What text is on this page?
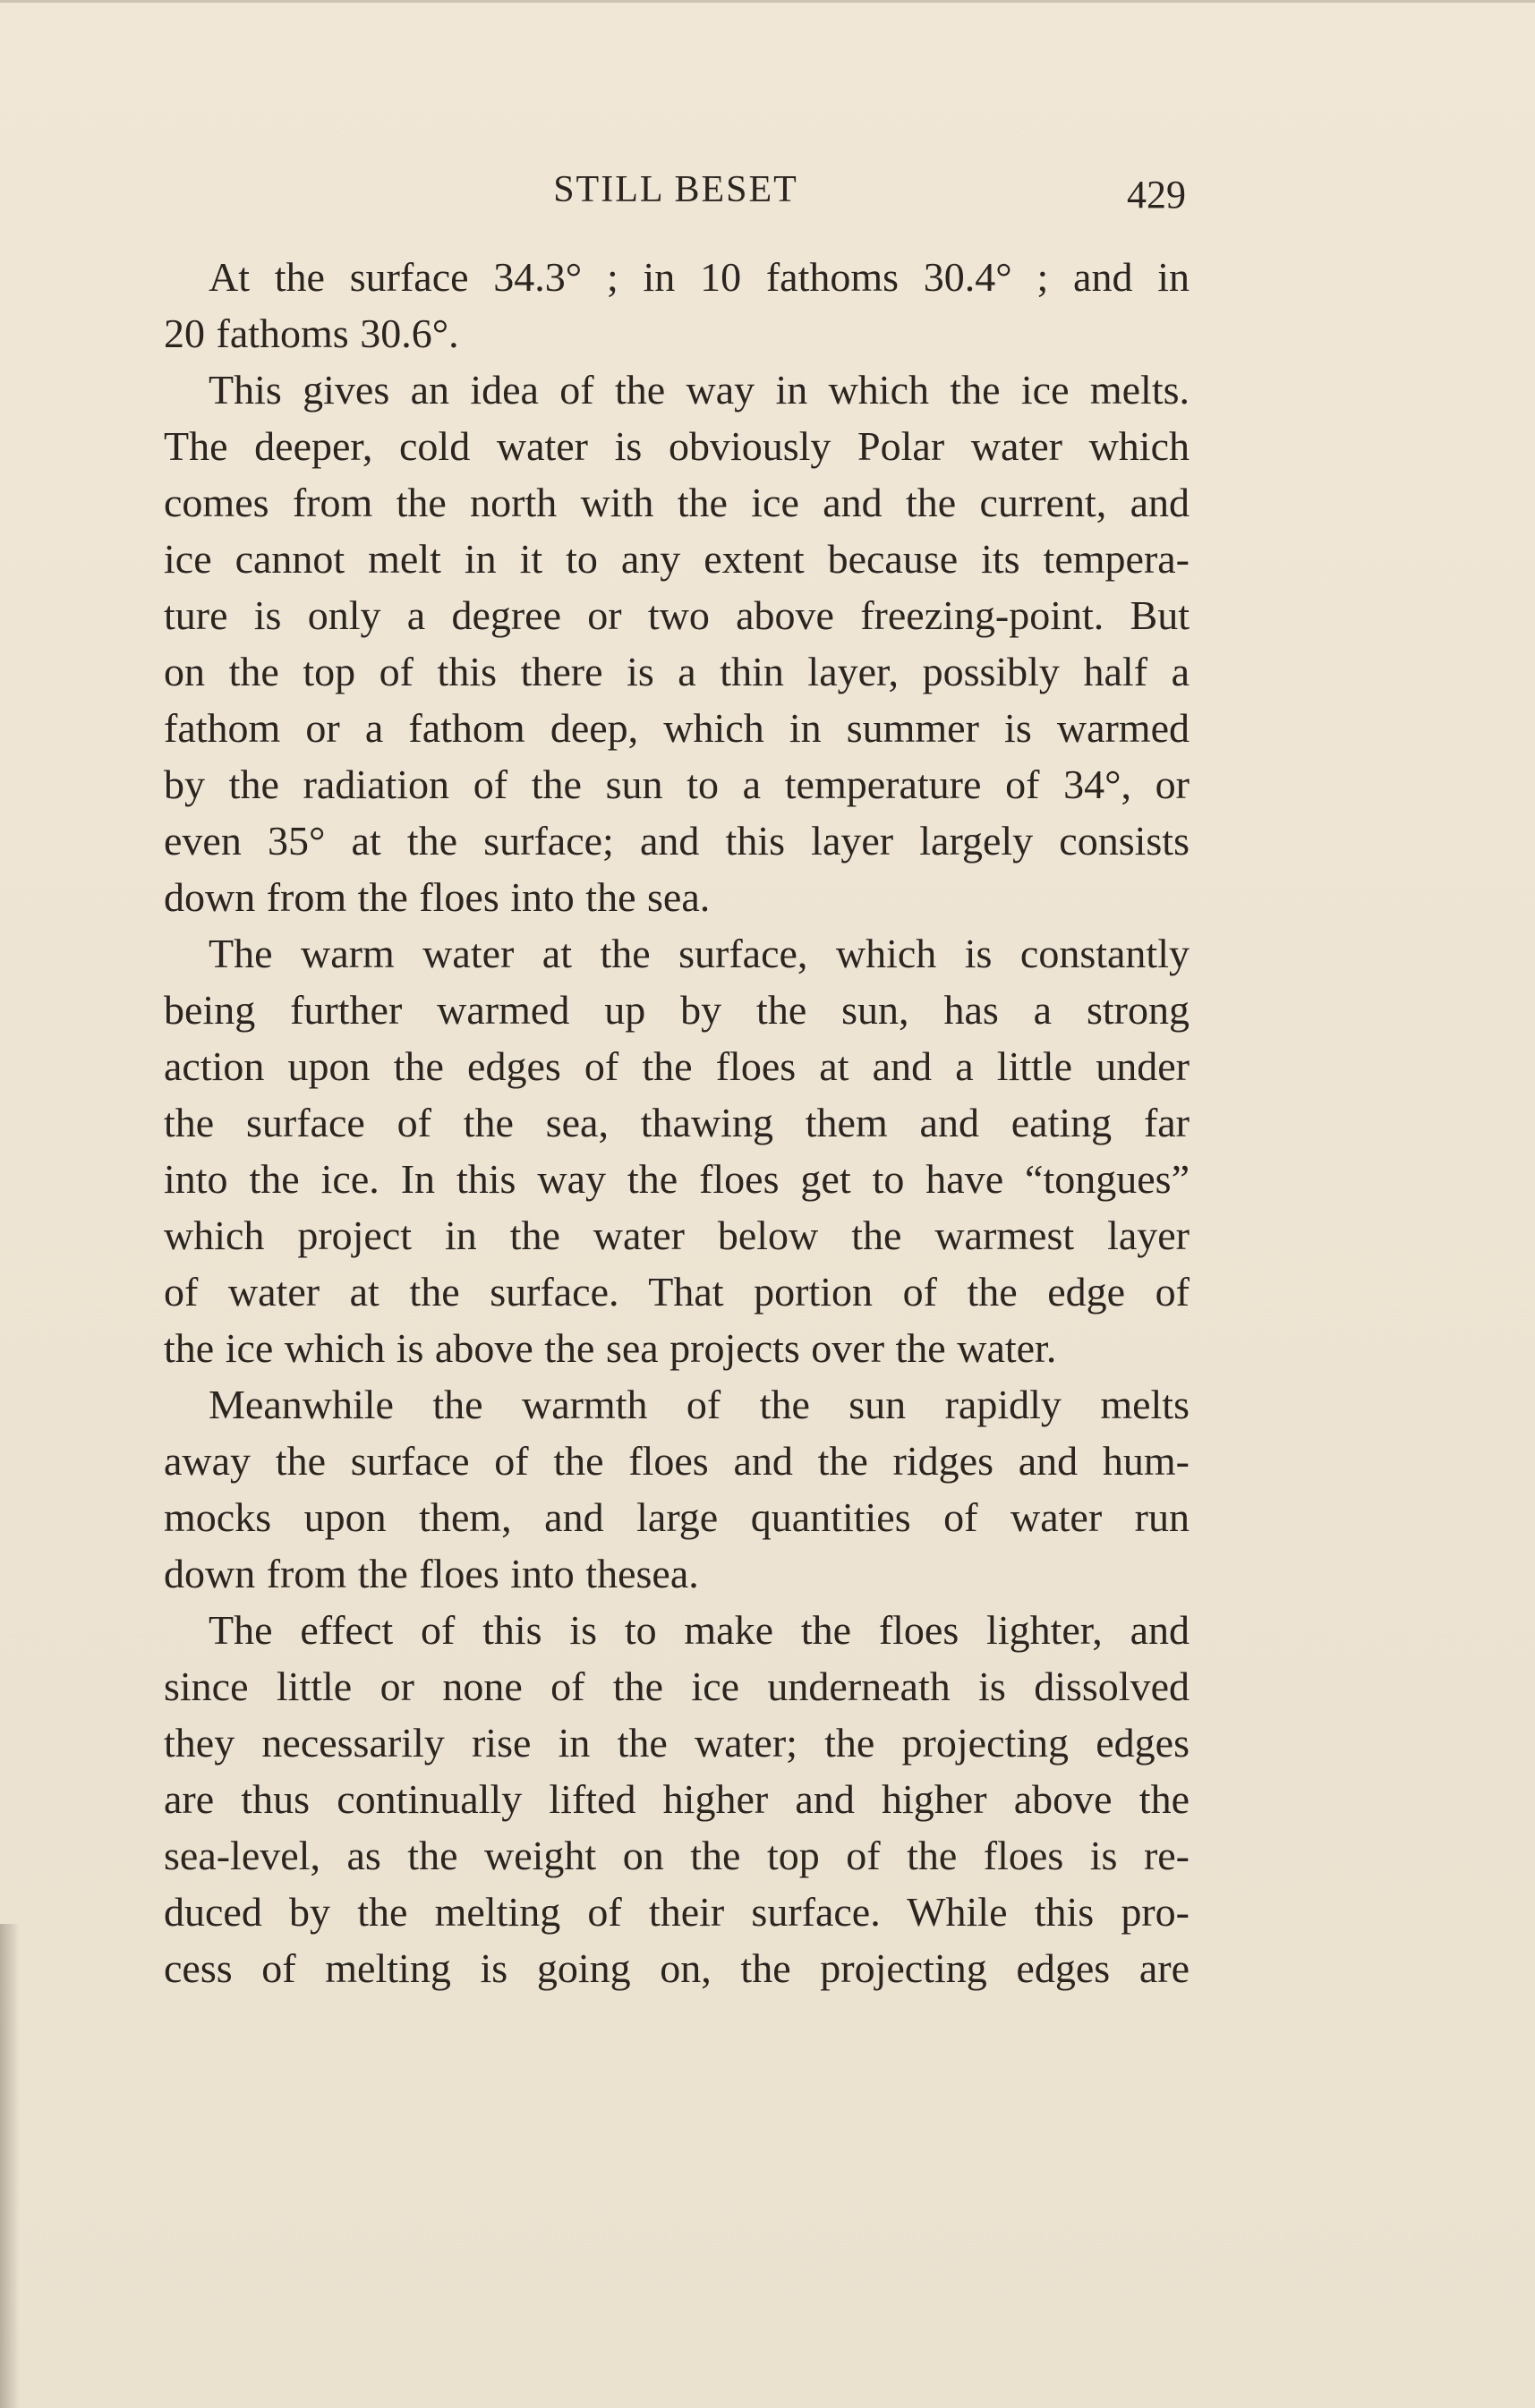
STILL BESET	429
At the surface 34.3° ; in 10 fathoms 30.4° ; and in
20 fathoms 30.6°.
This gives an idea of the way in which the ice melts.
The deeper, cold water is obviously Polar water which
comes from the north with the ice and the current, and
ice cannot melt in it to any extent because its tempera-
ture is only a degree or two above freezing-point. But
on the top of this there is a thin layer, possibly half a
fathom or a fathom deep, which in summer is warmed
by the radiation of the sun to a temperature of 34°, or
even 35° at the surface; and this layer largely consists
down from the floes into the sea.
The warm water at the surface, which is constantly
being further warmed up by the sun, has a strong
action upon the edges of the floes at and a little under
the surface of the sea, thawing them and eating far
into the ice. In this way the floes get to have “tongues”
which project in the water below the warmest layer
of water at the surface. That portion of the edge of
the ice which is above the sea projects over the water.
Meanwhile the warmth of the sun rapidly melts
away the surface of the floes and the ridges and hum-
mocks upon them, and large quantities of water run
down from the floes into thesea.
The effect of this is to make the floes lighter, and
since little or none of the ice underneath is dissolved
they necessarily rise in the water; the projecting edges
are thus continually lifted higher and higher above the
sea-level, as the weight on the top of the floes is re-
duced by the melting of their surface. While this pro-
cess of melting is going on, the projecting edges are
